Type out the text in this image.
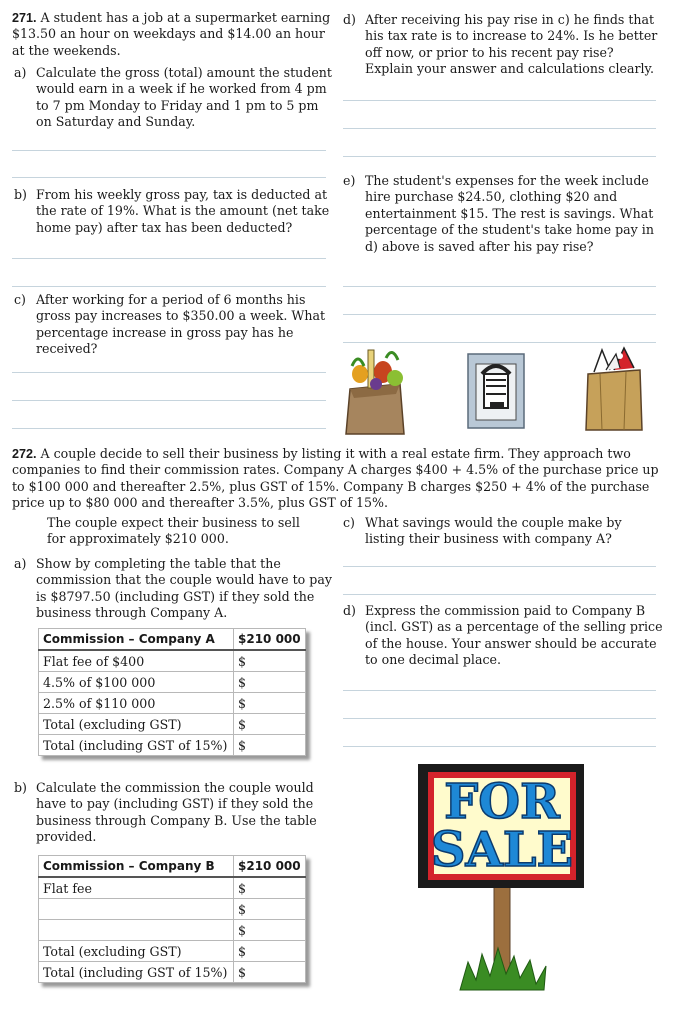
271. A student has a job at a supermarket earning $13.50 an hour on weekdays and $14.00 an hour at the weekends.
a) Calculate the gross (total) amount the student would earn in a week if he worked from 4 pm to 7 pm Monday to Friday and 1 pm to 5 pm on Saturday and Sunday.
b) From his weekly gross pay, tax is deducted at the rate of 19%. What is the amount (net take home pay) after tax has been deducted?
c) After working for a period of 6 months his gross pay increases to $350.00 a week. What percentage increase in gross pay has he received?
d) After receiving his pay rise in c) he finds that his tax rate is to increase to 24%. Is he better off now, or prior to his recent pay rise? Explain your answer and calculations clearly.
e) The student's expenses for the week include hire purchase $24.50, clothing $20 and entertainment $15. The rest is savings. What percentage of the student's take home pay in d) above is saved after his pay rise?
272. A couple decide to sell their business by listing it with a real estate firm. They approach two companies to find their commission rates. Company A charges $400 + 4.5% of the purchase price up to $100 000 and thereafter 2.5%, plus GST of 15%. Company B charges $250 + 4% of the purchase price up to $80 000 and thereafter 3.5%, plus GST of 15%.
The couple expect their business to sell for approximately $210 000.
a) Show by completing the table that the commission that the couple would have to pay is $8797.50 (including GST) if they sold the business through Company A.
Commission – Company A	$210 000
Flat fee of $400	$
4.5% of $100 000	$
2.5% of $110 000	$
Total (excluding GST)	$
Total (including GST of 15%)	$
b) Calculate the commission the couple would have to pay (including GST) if they sold the business through Company B. Use the table provided.
Commission – Company B	$210 000
Flat fee	$
	$
	$
Total (excluding GST)	$
Total (including GST of 15%)	$
c) What savings would the couple make by listing their business with company A?
d) Express the commission paid to Company B (incl. GST) as a percentage of the selling price of the house. Your answer should be accurate to one decimal place.
FOR
SALE
